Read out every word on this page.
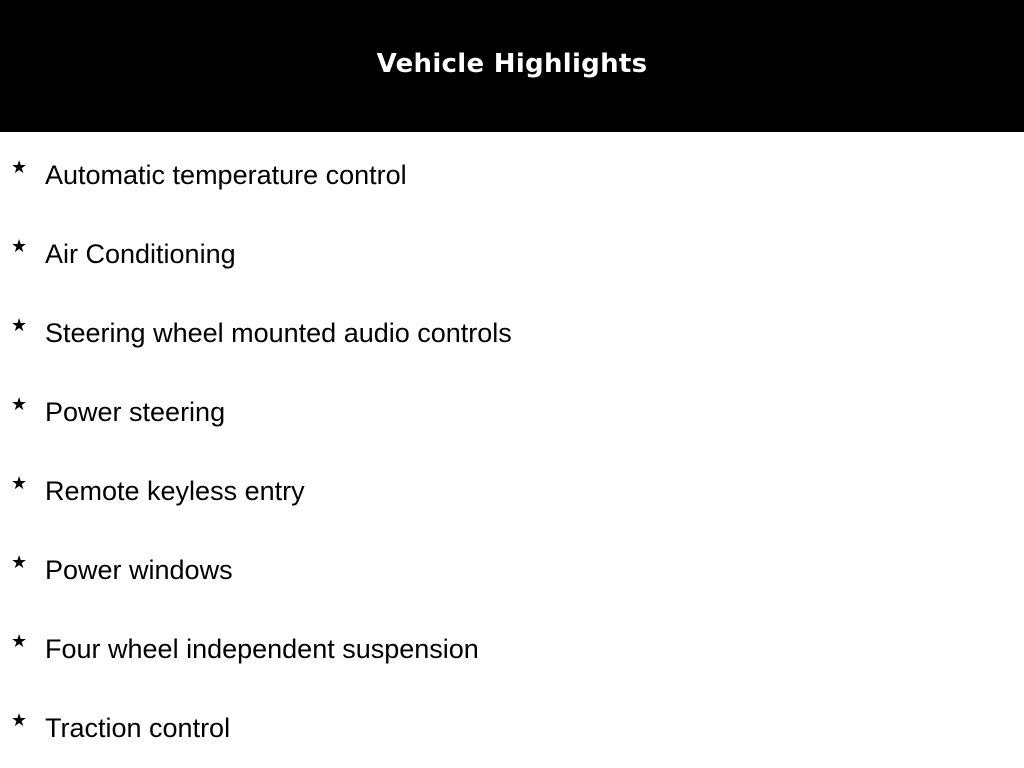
Vehicle Highlights
★ Automatic temperature control
★ Air Conditioning
★ Steering wheel mounted audio controls
★ Power steering
★ Remote keyless entry
★ Power windows
★ Four wheel independent suspension
★ Traction control
